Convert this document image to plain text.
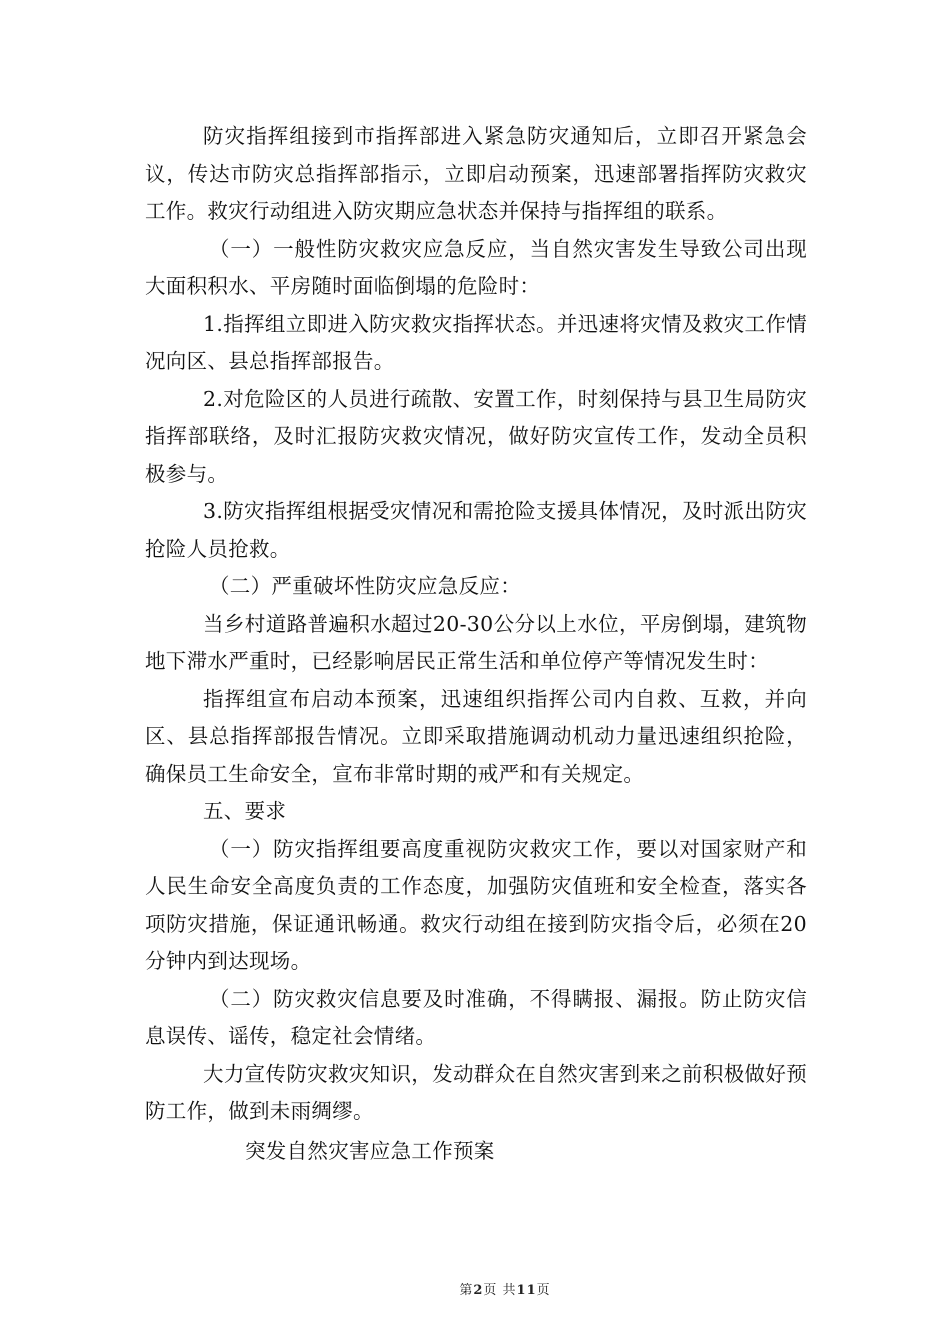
防灾指挥组接到市指挥部进入紧急防灾通知后，立即召开紧急会议，传达市防灾总指挥部指示，立即启动预案，迅速部署指挥防灾救灾工作。救灾行动组进入防灾期应急状态并保持与指挥组的联系。

（一）一般性防灾救灾应急反应，当自然灾害发生导致公司出现大面积积水、平房随时面临倒塌的危险时：

1.指挥组立即进入防灾救灾指挥状态。并迅速将灾情及救灾工作情况向区、县总指挥部报告。

2.对危险区的人员进行疏散、安置工作，时刻保持与县卫生局防灾指挥部联络，及时汇报防灾救灾情况，做好防灾宣传工作，发动全员积极参与。

3.防灾指挥组根据受灾情况和需抢险支援具体情况，及时派出防灾抢险人员抢救。

（二）严重破坏性防灾应急反应：

当乡村道路普遍积水超过20-30公分以上水位，平房倒塌，建筑物地下滞水严重时，已经影响居民正常生活和单位停产等情况发生时：

指挥组宣布启动本预案，迅速组织指挥公司内自救、互救，并向区、县总指挥部报告情况。立即采取措施调动机动力量迅速组织抢险，确保员工生命安全，宣布非常时期的戒严和有关规定。

五、要求

（一）防灾指挥组要高度重视防灾救灾工作，要以对国家财产和人民生命安全高度负责的工作态度，加强防灾值班和安全检查，落实各项防灾措施，保证通讯畅通。救灾行动组在接到防灾指令后，必须在20分钟内到达现场。

（二）防灾救灾信息要及时准确，不得瞒报、漏报。防止防灾信息误传、谣传，稳定社会情绪。

大力宣传防灾救灾知识，发动群众在自然灾害到来之前积极做好预防工作，做到未雨绸缪。

突发自然灾害应急工作预案

第2页 共11页
